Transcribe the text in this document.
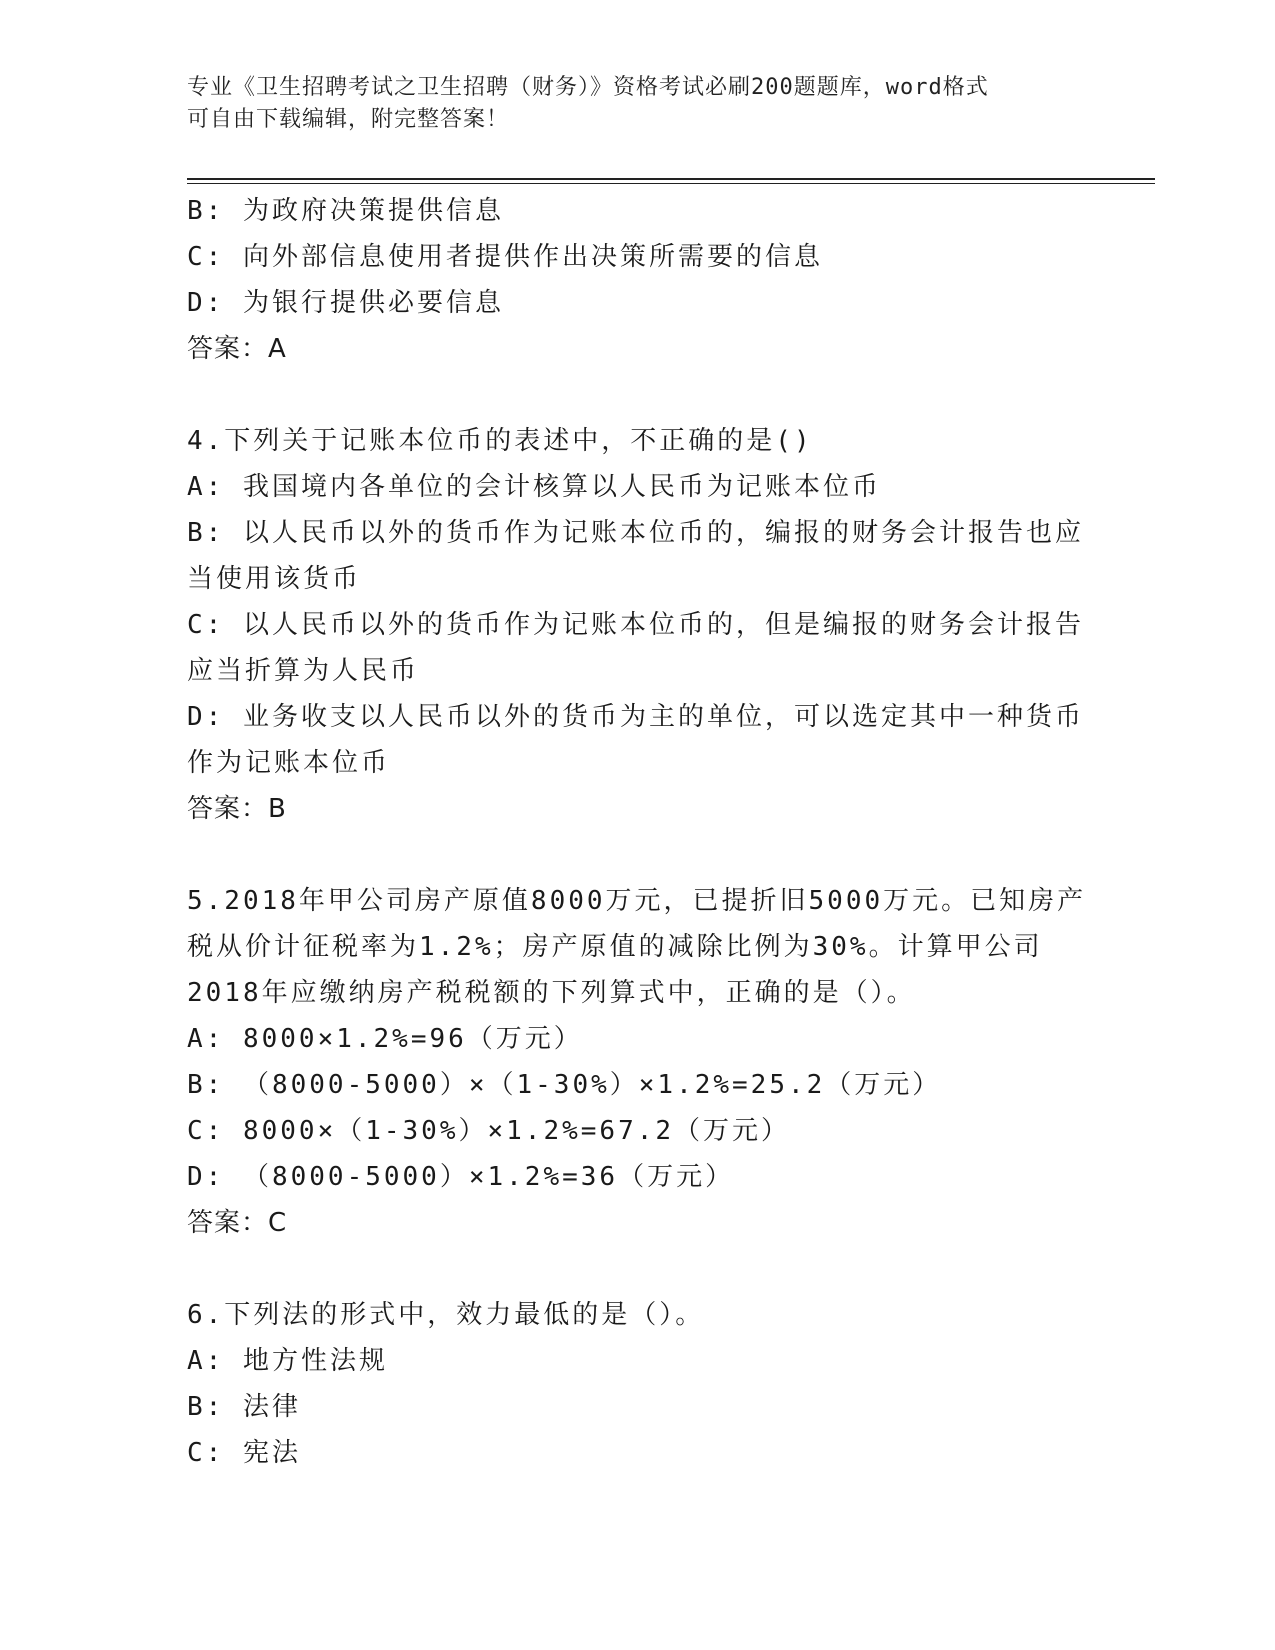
专业《卫生招聘考试之卫生招聘（财务）》资格考试必刷200题题库，word格式
可自由下载编辑，附完整答案！

B: 为政府决策提供信息

C: 向外部信息使用者提供作出决策所需要的信息

D: 为银行提供必要信息

答案：A

4.下列关于记账本位币的表述中，不正确的是()

A: 我国境内各单位的会计核算以人民币为记账本位币

B: 以人民币以外的货币作为记账本位币的，编报的财务会计报告也应

当使用该货币

C: 以人民币以外的货币作为记账本位币的，但是编报的财务会计报告

应当折算为人民币

D: 业务收支以人民币以外的货币为主的单位，可以选定其中一种货币

作为记账本位币

答案：B

5.2018年甲公司房产原值8000万元，已提折旧5000万元。已知房产

税从价计征税率为1.2%；房产原值的减除比例为30%。计算甲公司

2018年应缴纳房产税税额的下列算式中，正确的是（）。

A: 8000×1.2%=96（万元）

B: （8000-5000）×（1-30%）×1.2%=25.2（万元）

C: 8000×（1-30%）×1.2%=67.2（万元）

D: （8000-5000）×1.2%=36（万元）

答案：C

6.下列法的形式中，效力最低的是（）。

A: 地方性法规

B: 法律

C: 宪法
